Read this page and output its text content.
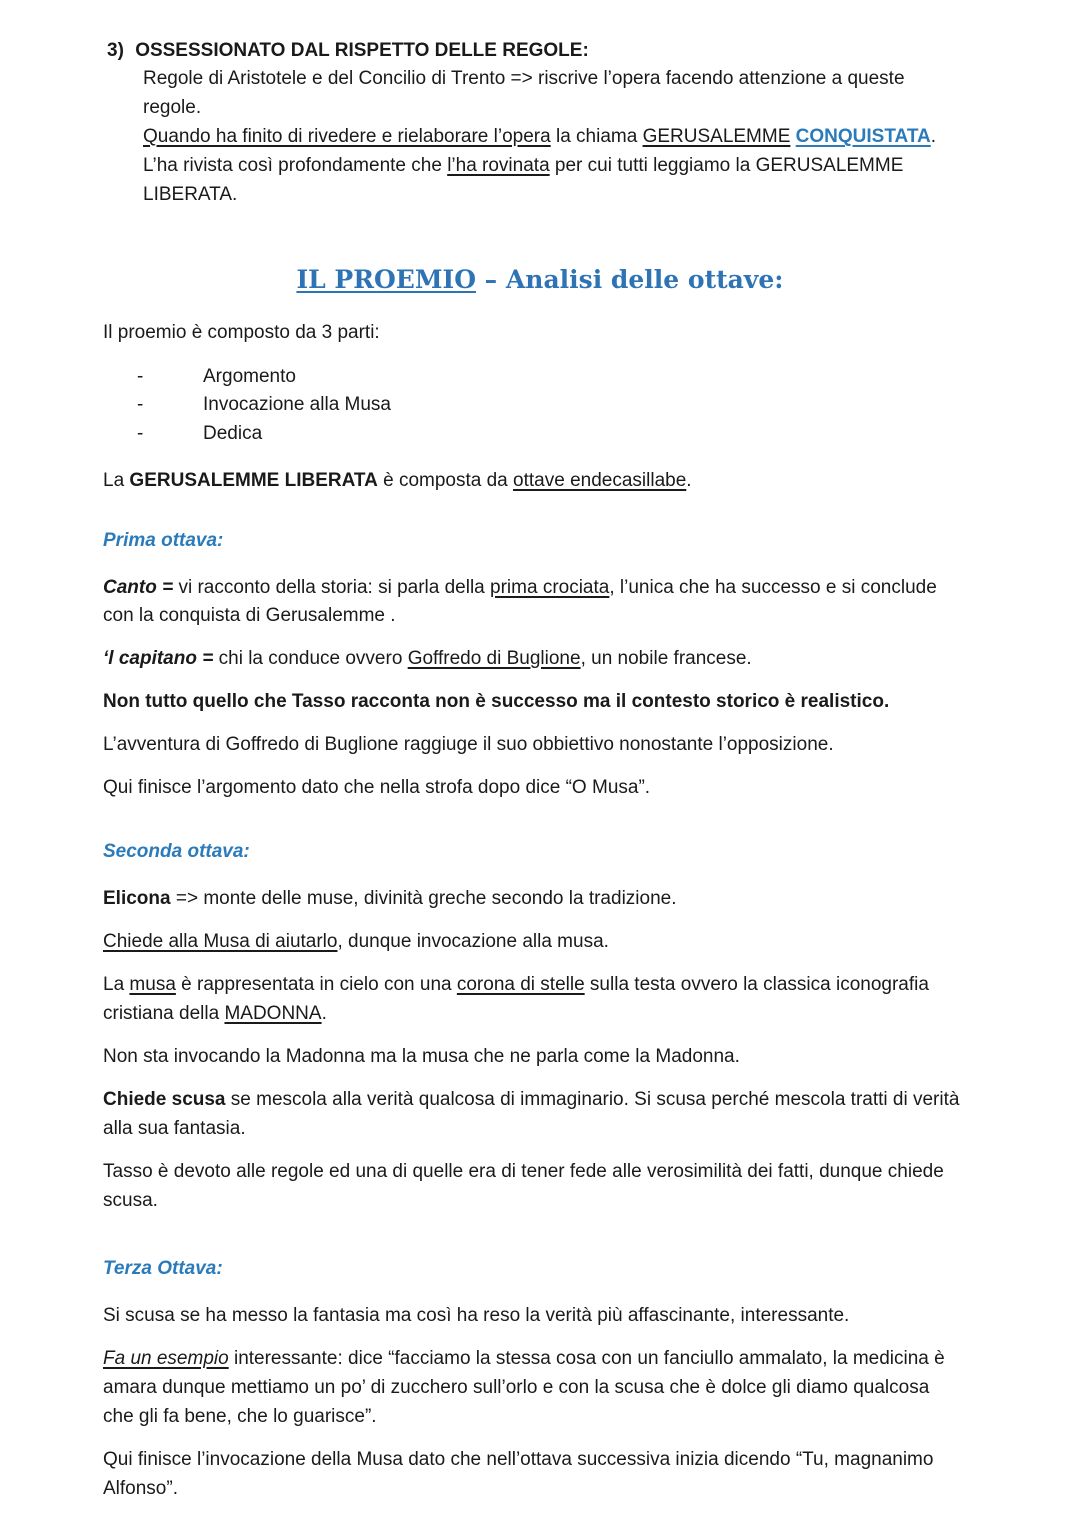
3) OSSESSIONATO DAL RISPETTO DELLE REGOLE:
Regole di Aristotele e del Concilio di Trento => riscrive l’opera facendo attenzione a queste
regole.
Quando ha finito di rivedere e rielaborare l’opera la chiama GERUSALEMME CONQUISTATA.
L’ha rivista così profondamente che l’ha rovinata per cui tutti leggiamo la GERUSALEMME
LIBERATA.
IL PROEMIO – Analisi delle ottave:
Il proemio è composto da 3 parti:
-	Argomento
-	Invocazione alla Musa
-	Dedica
La GERUSALEMME LIBERATA è composta da ottave endecasillabe.
Prima ottava:
Canto = vi racconto della storia: si parla della prima crociata, l’unica che ha successo e si conclude
con la conquista di Gerusalemme .
‘l capitano = chi la conduce ovvero Goffredo di Buglione, un nobile francese.
Non tutto quello che Tasso racconta non è successo ma il contesto storico è realistico.
L’avventura di Goffredo di Buglione raggiuge il suo obbiettivo nonostante l’opposizione.
Qui finisce l’argomento dato che nella strofa dopo dice “O Musa”.
Seconda ottava:
Elicona => monte delle muse, divinità greche secondo la tradizione.
Chiede alla Musa di aiutarlo, dunque invocazione alla musa.
La musa è rappresentata in cielo con una corona di stelle sulla testa ovvero la classica iconografia
cristiana della MADONNA.
Non sta invocando la Madonna ma la musa che ne parla come la Madonna.
Chiede scusa se mescola alla verità qualcosa di immaginario. Si scusa perché mescola tratti di verità
alla sua fantasia.
Tasso è devoto alle regole ed una di quelle era di tener fede alle verosimilità dei fatti, dunque chiede
scusa.
Terza Ottava:
Si scusa se ha messo la fantasia ma così ha reso la verità più affascinante, interessante.
Fa un esempio interessante: dice “facciamo la stessa cosa con un fanciullo ammalato, la medicina è
amara dunque mettiamo un po’ di zucchero sull’orlo e con la scusa che è dolce gli diamo qualcosa
che gli fa bene, che lo guarisce”.
Qui finisce l’invocazione della Musa dato che nell’ottava successiva inizia dicendo “Tu, magnanimo
Alfonso”.
